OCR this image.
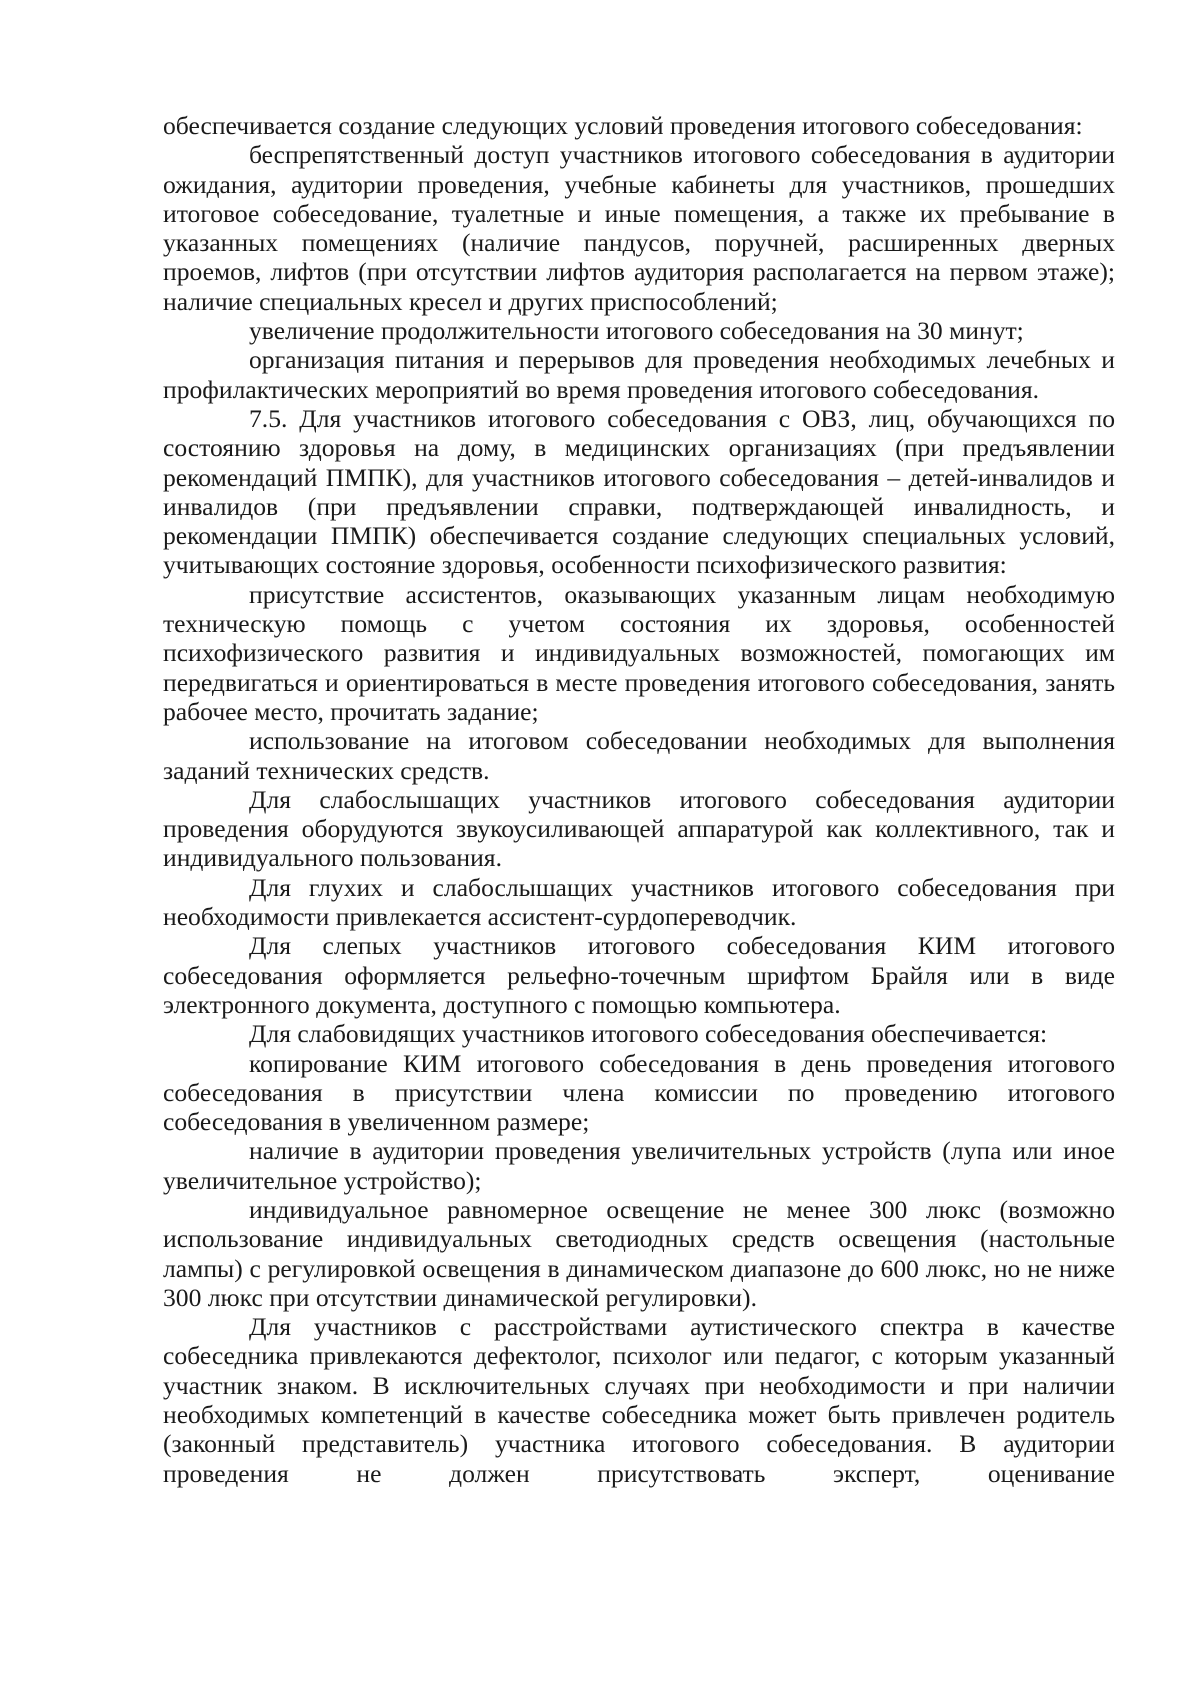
обеспечивается создание следующих условий проведения итогового собеседования:

беспрепятственный доступ участников итогового собеседования в аудитории ожидания, аудитории проведения, учебные кабинеты для участников, прошедших итоговое собеседование, туалетные и иные помещения, а также их пребывание в указанных помещениях (наличие пандусов, поручней, расширенных дверных проемов, лифтов (при отсутствии лифтов аудитория располагается на первом этаже); наличие специальных кресел и других приспособлений;

увеличение продолжительности итогового собеседования на 30 минут;

организация питания и перерывов для проведения необходимых лечебных и профилактических мероприятий во время проведения итогового собеседования.

7.5. Для участников итогового собеседования с ОВЗ, лиц, обучающихся по состоянию здоровья на дому, в медицинских организациях (при предъявлении рекомендаций ПМПК), для участников итогового собеседования – детей-инвалидов и инвалидов (при предъявлении справки, подтверждающей инвалидность, и рекомендации ПМПК) обеспечивается создание следующих специальных условий, учитывающих состояние здоровья, особенности психофизического развития:

присутствие ассистентов, оказывающих указанным лицам необходимую техническую помощь с учетом состояния их здоровья, особенностей психофизического развития и индивидуальных возможностей, помогающих им передвигаться и ориентироваться в месте проведения итогового собеседования, занять рабочее место, прочитать задание;

использование на итоговом собеседовании необходимых для выполнения заданий технических средств.

Для слабослышащих участников итогового собеседования аудитории проведения оборудуются звукоусиливающей аппаратурой как коллективного, так и индивидуального пользования.

Для глухих и слабослышащих участников итогового собеседования при необходимости привлекается ассистент-сурдопереводчик.

Для слепых участников итогового собеседования КИМ итогового собеседования оформляется рельефно-точечным шрифтом Брайля или в виде электронного документа, доступного с помощью компьютера.

Для слабовидящих участников итогового собеседования обеспечивается:

копирование КИМ итогового собеседования в день проведения итогового собеседования в присутствии члена комиссии по проведению итогового собеседования в увеличенном размере;

наличие в аудитории проведения увеличительных устройств (лупа или иное увеличительное устройство);

индивидуальное равномерное освещение не менее 300 люкс (возможно использование индивидуальных светодиодных средств освещения (настольные лампы) с регулировкой освещения в динамическом диапазоне до 600 люкс, но не ниже 300 люкс при отсутствии динамической регулировки).

Для участников с расстройствами аутистического спектра в качестве собеседника привлекаются дефектолог, психолог или педагог, с которым указанный участник знаком. В исключительных случаях при необходимости и при наличии необходимых компетенций в качестве собеседника может быть привлечен родитель (законный представитель) участника итогового собеседования. В аудитории проведения не должен присутствовать эксперт, оценивание
